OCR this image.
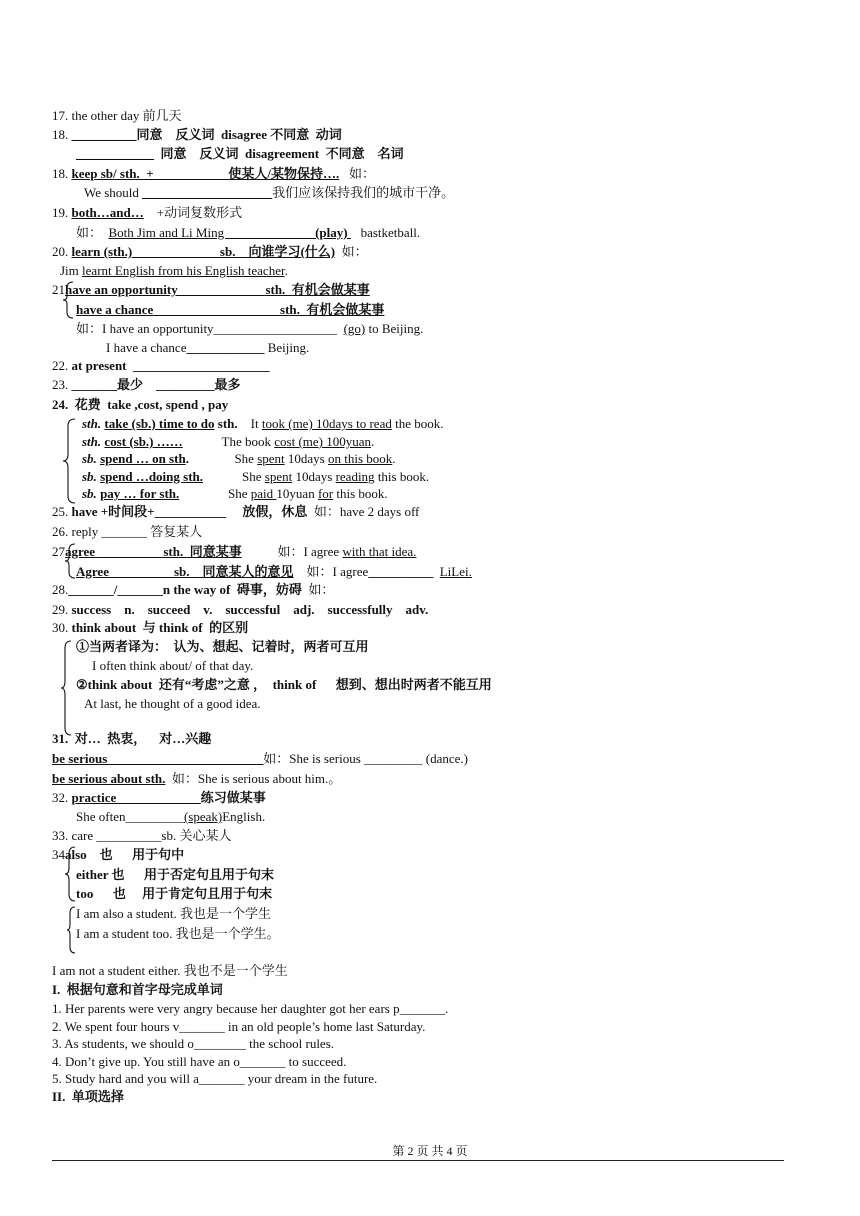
17. the other day 前几天
18. __________同意    反义词  disagree 不同意  动词
____________  同意    反义词  disagreement  不同意    名词
18. keep sb/ sth.  +__________   使某人/某物保持….   如：
We should ____________________我们应该保持我们的城市干净。
19. both…and…    +动词复数形式
如：  Both Jim and Li Ming  _____________(play)    bastketball.
20. learn (sth.)  ____________ sb.    向谁学习(什么)  如：
Jim learnt English from his English teacher.
21have an opportunity  ____________ sth.  有机会做某事
have a chance  __________________ sth.  有机会做某事
如：I have an opportunity___________________  (go) to Beijing.
I have a chance____________ Beijing.
22. at present  _____________________
23. _______最少    _________最多
24.  花费  take ,cost, spend , pay
sth. take (sb.) time to do sth.    It took (me) 10days to read the book.
sth. cost (sb.) ……            The book cost (me) 100yuan.
sb. spend … on sth.              She spent 10days on this book.
sb. spend …doing sth.            She spent 10days reading this book.
sb. pay … for sth.               She paid 10yuan for this book.
25. have +时间段+___________     放假，休息  如：have 2 days off
26. reply _______ 答复某人
27agree  _________ sth.  同意某事           如：I agree with that idea.
Agree  _________sb.    同意某人的意见    如：I agree__________ LiLei.
28._______/_______n the way of  碍事，妨碍  如：
29. success    n.    succeed    v.    successful    adj.    successfully    adv.
30. think about  与 think of  的区别
①当两者译为：  认为、想起、记着时，两者可互用
I often think about/ of that day.
②think about  还有“考虑”之意 ，  think of      想到、想出时两者不能互用
At last, he thought of a good idea.
31.  对…  热衷，    对…兴趣
be serious  _______________________如：She is serious _________ (dance.)
be serious about sth.  如：She is serious about him.。
32. practice  ___________  练习做某事
She often_________(speak)English.
33. care __________sb. 关心某人
34also    也      用于句中
either 也      用于否定句且用于句末
too      也     用于肯定句且用于句末
I am also a student. 我也是一个学生
I am a student too. 我也是一个学生。
I am not a student either. 我也不是一个学生
I.  根据句意和首字母完成单词
1. Her parents were very angry because her daughter got her ears p_______.
2. We spent four hours v_______ in an old people’s home last Saturday.
3. As students, we should o________ the school rules.
4. Don’t give up. You still have an o_______ to succeed.
5. Study hard and you will a_______ your dream in the future.
II.  单项选择
第 2 页 共 4 页
